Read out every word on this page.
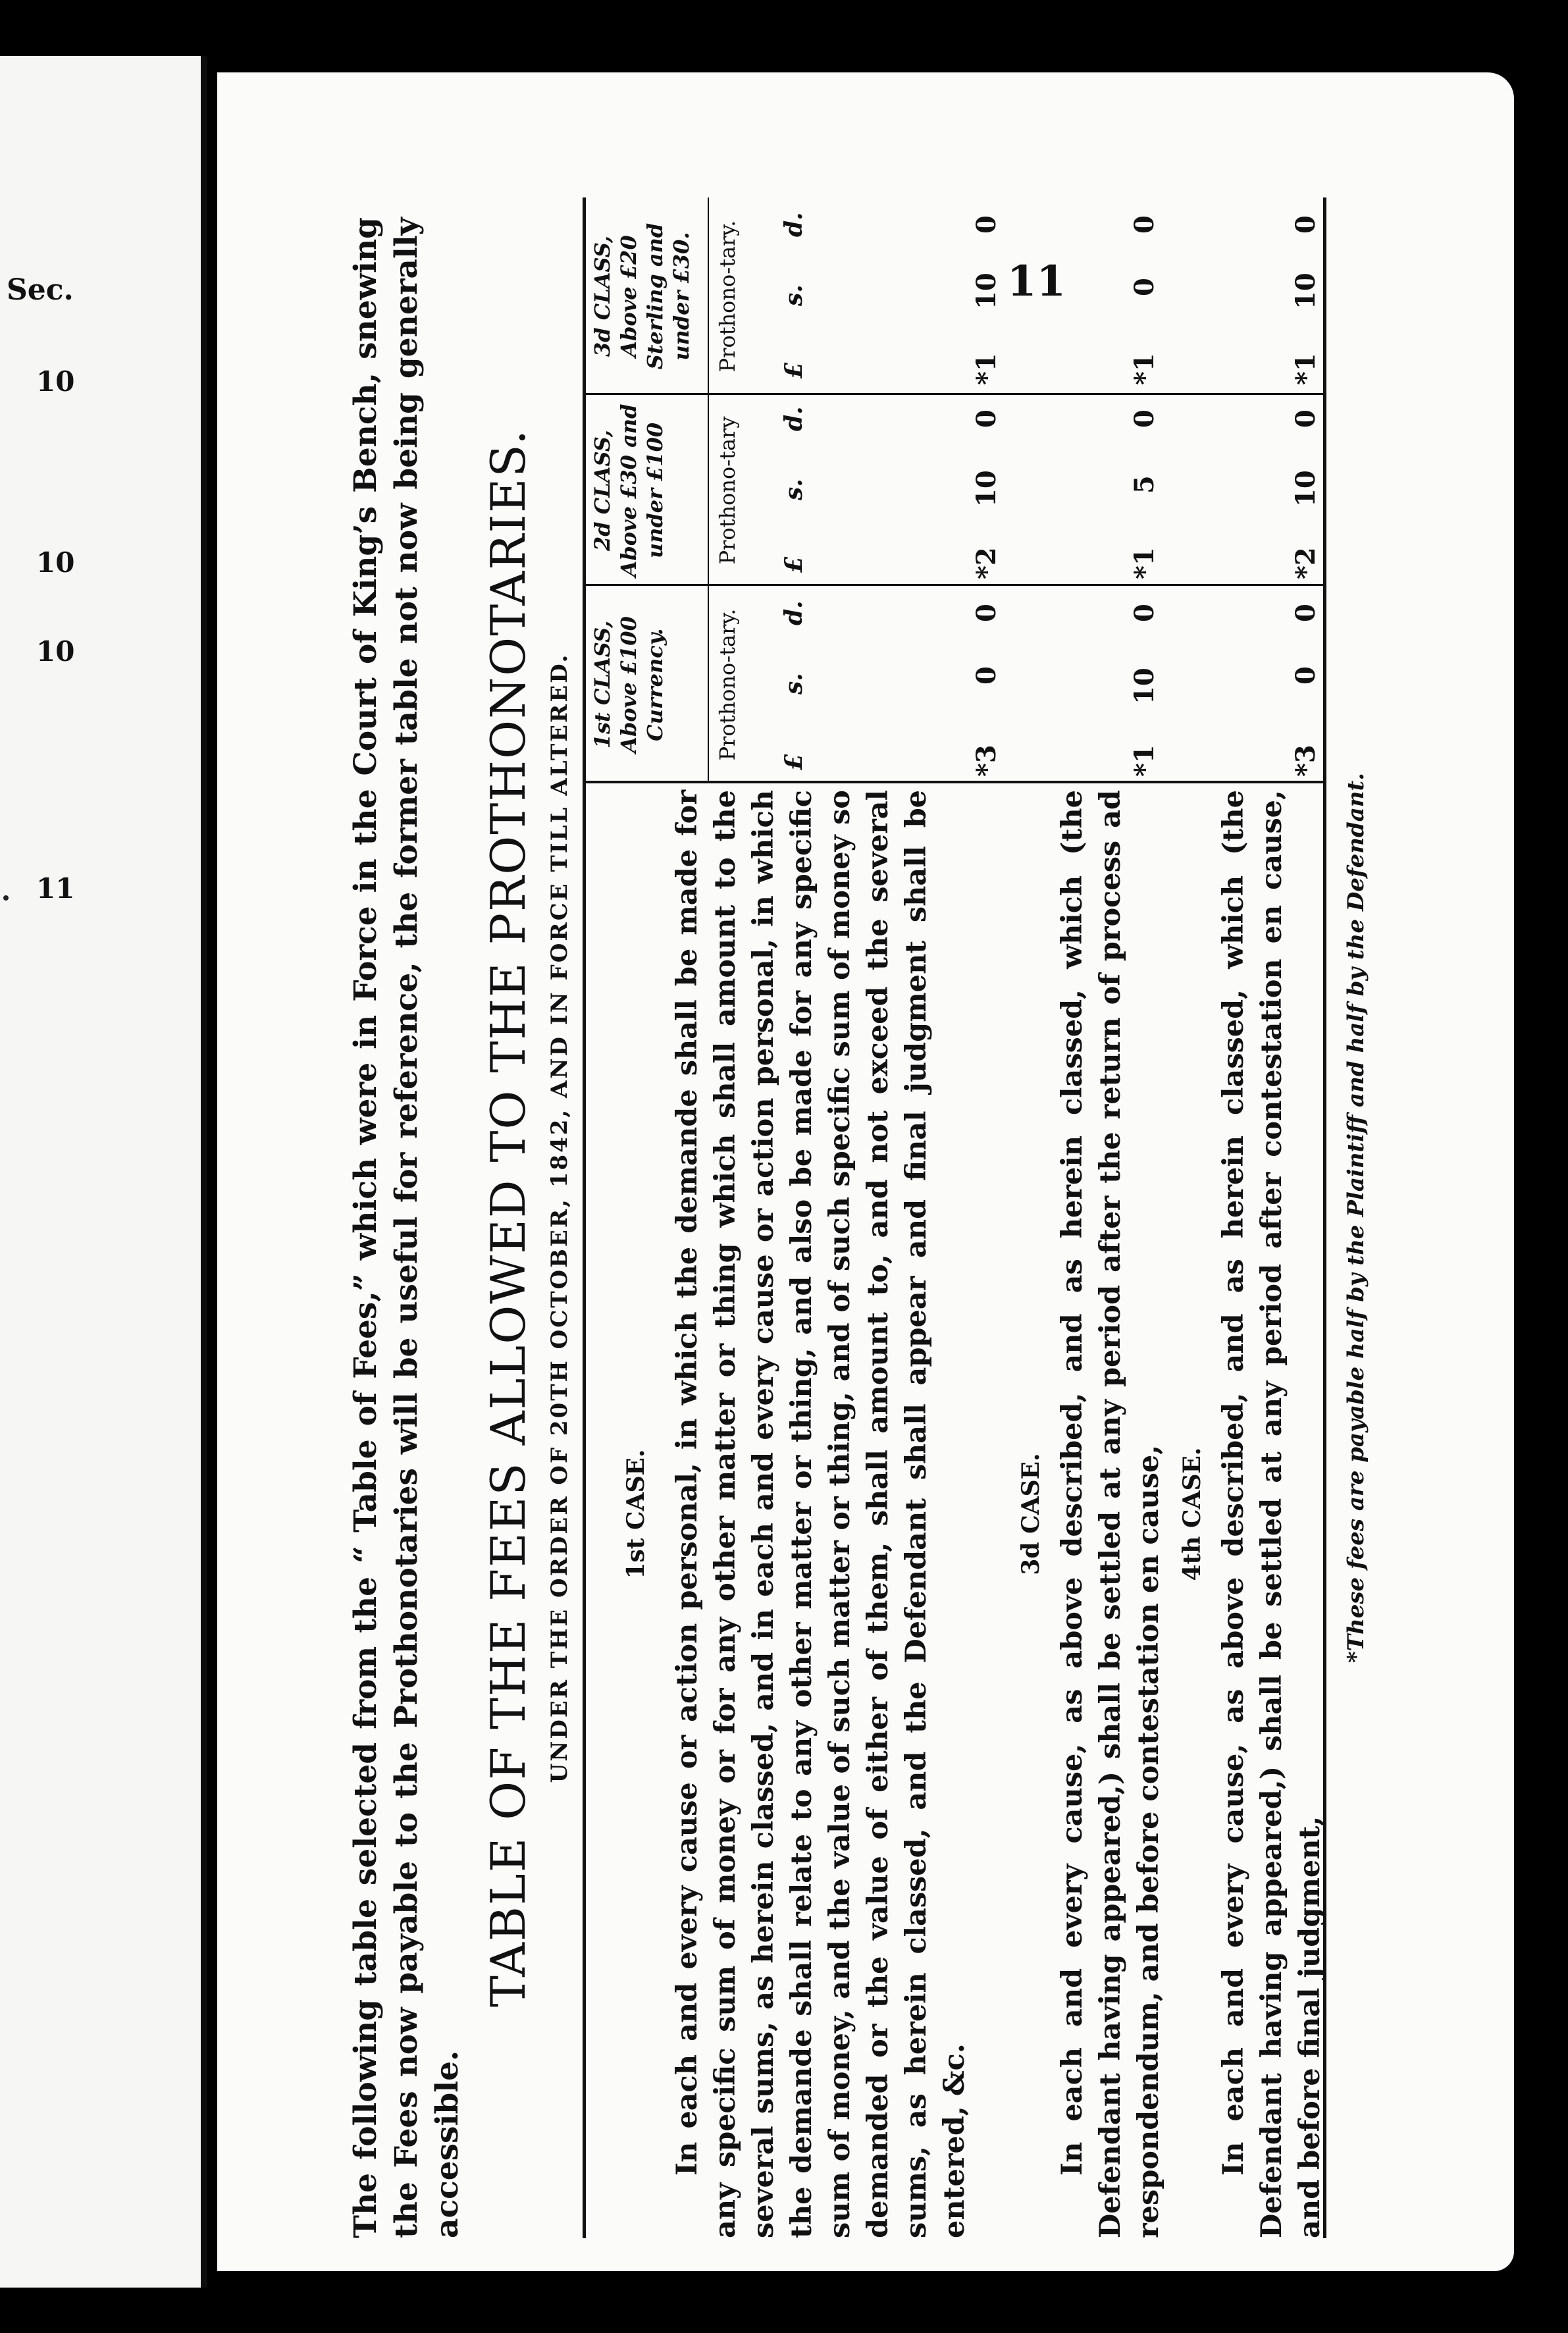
Sec.
10
10
10
11
11
The following table selected from the “ Table of Fees,” which were in Force in the Court of King’s Bench, snewing the Fees now payable to the Prothonotaries will be useful for reference, the former table not now being generally accessible.
TABLE OF THE FEES ALLOWED TO THE PROTHONOTARIES. UNDER THE ORDER OF 20TH OCTOBER, 1842, AND IN FORCE TILL ALTERED. 1st CLASS, Above £100 Currency. Prothono-tary.
2d CLASS, Above £30 and under £100 Prothono-tary
3d CLASS, Above £20 Sterling and under £30. Prothono-tary.
£
s.
d.
£
s.
d.
£
s.
d.
1st CASE. In each and every cause or action personal, in which the demande shall be made for any specific sum of money or for any other matter or thing which shall amount to the several sums, as herein classed, and in each and every cause or action personal, in which the demande shall relate to any other matter or thing, and also be made for any specific sum of money, and the value of such matter or thing, and of such specific sum of money so demanded or the value of either of them, shall amount to, and not exceed the several sums, as herein classed, and the Defendant shall appear and final judgment shall be entered, &c.
*3
0
0
*2
10
0
*1
10
0
3d CASE. In each and every cause, as above described, and as herein classed, which (the Defendant having appeared,) shall be settled at any period after the return of process ad respondendum, and before contestation en cause,
*1
10
0
*1
5
0
*1
0
0
4th CASE. In each and every cause, as above described, and as herein classed, which (the Defendant having appeared,) shall be settled at any period after contestation en cause, and before final judgment,
*3
0
0
*2
10
0
*1
10
0
*These fees are payable half by the Plaintiff and half by the Defendant.
